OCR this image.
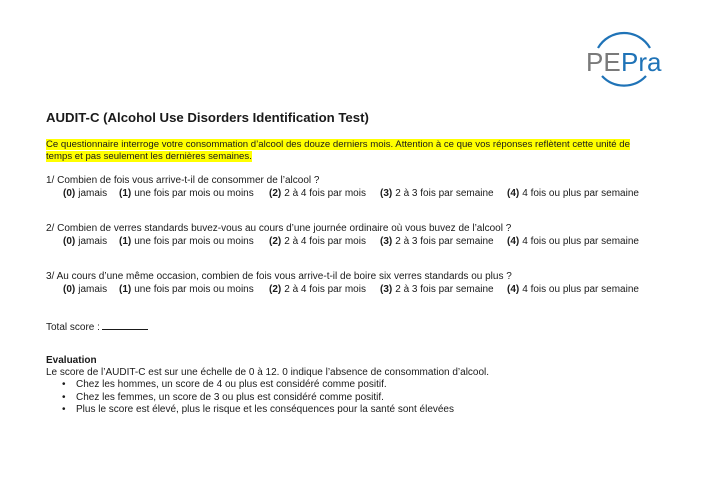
PE Pra
AUDIT-C (Alcohol Use Disorders Identification Test)
Ce questionnaire interroge votre consommation d’alcool des douze derniers mois. Attention à ce que vos réponses reflètent cette unité de temps et pas seulement les dernières semaines.
1/ Combien de fois vous arrive-t-il de consommer de l’alcool ?
(0) jamais (1) une fois par mois ou moins (2) 2 à 4 fois par mois (3) 2 à 3 fois par semaine (4) 4 fois ou plus par semaine
2/ Combien de verres standards buvez-vous au cours d’une journée ordinaire où vous buvez de l’alcool ?
(0) jamais (1) une fois par mois ou moins (2) 2 à 4 fois par mois (3) 2 à 3 fois par semaine (4) 4 fois ou plus par semaine
3/ Au cours d’une même occasion, combien de fois vous arrive-t-il de boire six verres standards ou plus ?
(0) jamais (1) une fois par mois ou moins (2) 2 à 4 fois par mois (3) 2 à 3 fois par semaine (4) 4 fois ou plus par semaine
Total score :
Evaluation

Le score de l’AUDIT-C est sur une échelle de 0 à 12. 0 indique l’absence de consommation d’alcool.

• Chez les hommes, un score de 4 ou plus est considéré comme positif.
• Chez les femmes, un score de 3 ou plus est considéré comme positif.
• Plus le score est élevé, plus le risque et les conséquences pour la santé sont élevées
